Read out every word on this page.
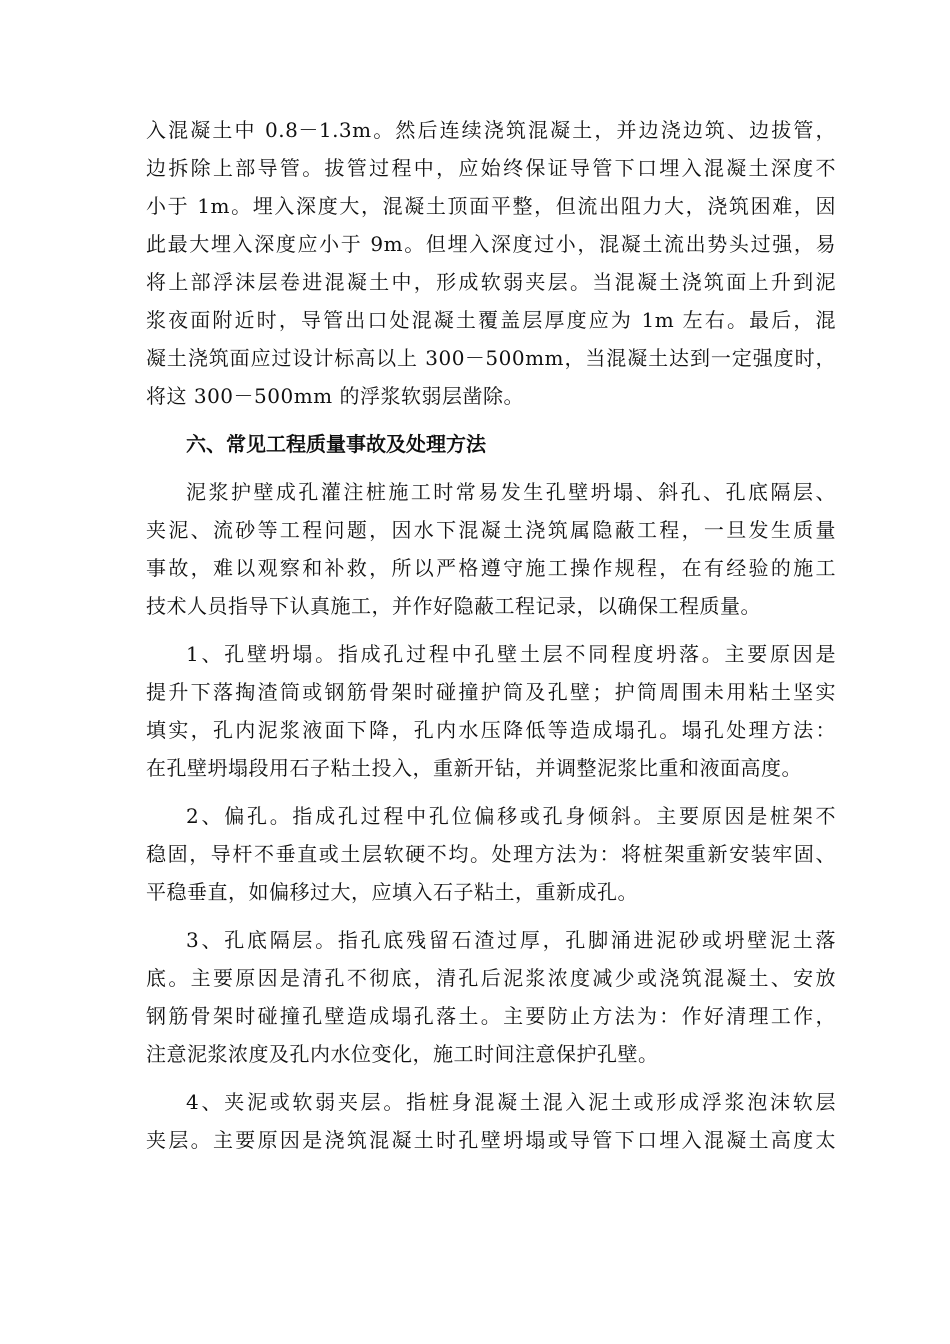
入混凝土中 0.8－1.3m。然后连续浇筑混凝土，并边浇边筑、边拔管，
边拆除上部导管。拔管过程中，应始终保证导管下口埋入混凝土深度不
小于 1m。埋入深度大，混凝土顶面平整，但流出阻力大，浇筑困难，因
此最大埋入深度应小于 9m。但埋入深度过小，混凝土流出势头过强，易
将上部浮沫层卷进混凝土中，形成软弱夹层。当混凝土浇筑面上升到泥
浆夜面附近时，导管出口处混凝土覆盖层厚度应为 1m 左右。最后，混
凝土浇筑面应过设计标高以上 300－500mm，当混凝土达到一定强度时，
将这 300－500mm 的浮浆软弱层凿除。
六、常见工程质量事故及处理方法
泥浆护壁成孔灌注桩施工时常易发生孔壁坍塌、斜孔、孔底隔层、
夹泥、流砂等工程问题，因水下混凝土浇筑属隐蔽工程，一旦发生质量
事故，难以观察和补救，所以严格遵守施工操作规程，在有经验的施工
技术人员指导下认真施工，并作好隐蔽工程记录，以确保工程质量。
1、孔壁坍塌。指成孔过程中孔壁土层不同程度坍落。主要原因是
提升下落掏渣筒或钢筋骨架时碰撞护筒及孔壁；护筒周围未用粘土坚实
填实，孔内泥浆液面下降，孔内水压降低等造成塌孔。塌孔处理方法：
在孔壁坍塌段用石子粘土投入，重新开钻，并调整泥浆比重和液面高度。
2、偏孔。指成孔过程中孔位偏移或孔身倾斜。主要原因是桩架不
稳固，导杆不垂直或土层软硬不均。处理方法为：将桩架重新安装牢固、
平稳垂直，如偏移过大，应填入石子粘土，重新成孔。
3、孔底隔层。指孔底残留石渣过厚，孔脚涌进泥砂或坍壁泥土落
底。主要原因是清孔不彻底，清孔后泥浆浓度减少或浇筑混凝土、安放
钢筋骨架时碰撞孔壁造成塌孔落土。主要防止方法为：作好清理工作，
注意泥浆浓度及孔内水位变化，施工时间注意保护孔壁。
4、夹泥或软弱夹层。指桩身混凝土混入泥土或形成浮浆泡沫软层
夹层。主要原因是浇筑混凝土时孔壁坍塌或导管下口埋入混凝土高度太
